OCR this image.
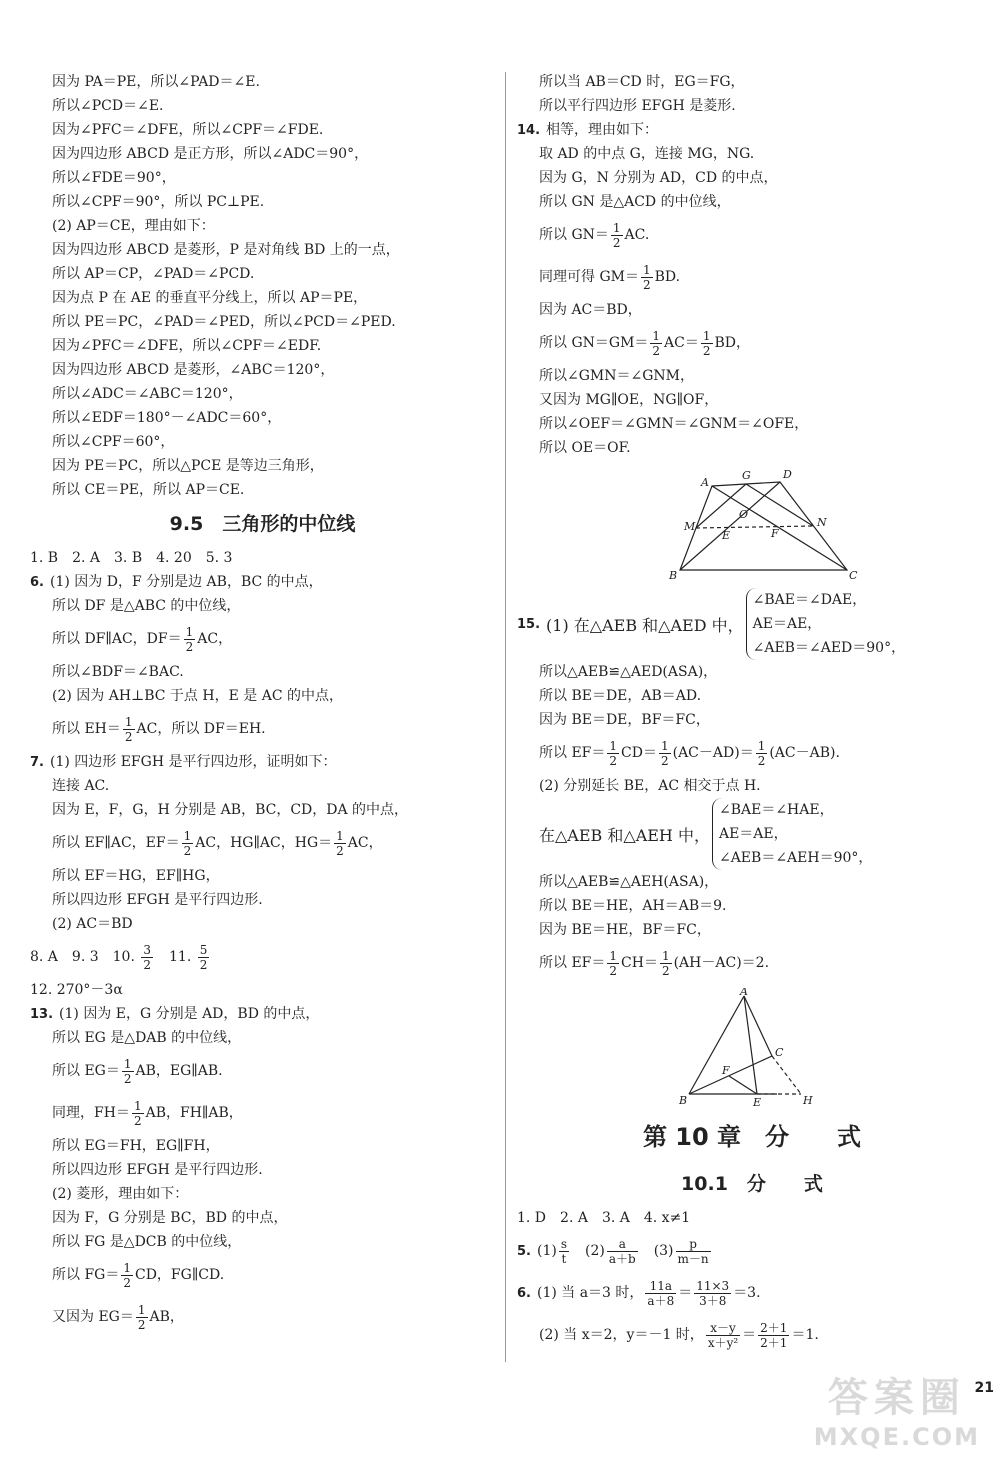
因为 PA＝PE，所以∠PAD＝∠E.
所以∠PCD＝∠E.
因为∠PFC＝∠DFE，所以∠CPF＝∠FDE.
因为四边形 ABCD 是正方形，所以∠ADC＝90°，
所以∠FDE＝90°，
所以∠CPF＝90°，所以 PC⊥PE.
(2) AP＝CE，理由如下：
因为四边形 ABCD 是菱形，P 是对角线 BD 上的一点，
所以 AP＝CP，∠PAD＝∠PCD.
因为点 P 在 AE 的垂直平分线上，所以 AP＝PE，
所以 PE＝PC，∠PAD＝∠PED，所以∠PCD＝∠PED.
因为∠PFC＝∠DFE，所以∠CPF＝∠EDF.
因为四边形 ABCD 是菱形，∠ABC＝120°，
所以∠ADC＝∠ABC＝120°，
所以∠EDF＝180°－∠ADC＝60°，
所以∠CPF＝60°，
因为 PE＝PC，所以△PCE 是等边三角形，
所以 CE＝PE，所以 AP＝CE.
9.5　三角形的中位线
1. B　2. A　3. B　4. 20　5. 3
6. (1) 因为 D，F 分别是边 AB，BC 的中点，
所以 DF 是△ABC 的中位线，
所以 DF∥AC，$DF= \frac{1}{2}$ AC，
所以∠BDF＝∠BAC.
(2) 因为 AH⊥BC 于点 H，E 是 AC 的中点，
所以 $EH= \frac{1}{2}$ AC，所以 DF＝EH.
7. (1) 四边形 EFGH 是平行四边形，证明如下：
连接 AC.
因为 E，F，G，H 分别是 AB，BC，CD，DA 的中点，
所以 EF∥AC，$EF= \frac{1}{2}$ AC，HG∥AC，$HG= \frac{1}{2}$ AC，
所以 EF＝HG，EF∥HG，
所以四边形 EFGH 是平行四边形.
(2) AC＝BD
8. A　9. 3　10. $\frac{3}{2}$
　 11. $\frac{5}{2}$
12. 270°－3α
13. (1) 因为 E，G 分别是 AD，BD 的中点，
所以 EG 是△DAB 的中位线，
所以 $EG= \frac{1}{2}$ AB，EG∥AB.
同理，$FH= \frac{1}{2}$ AB，FH∥AB，
所以 EG＝FH，EG∥FH，
所以四边形 EFGH 是平行四边形.
(2) 菱形，理由如下：
因为 F，G 分别是 BC，BD 的中点，
所以 FG 是△DCB 的中位线，
所以 $FG= \frac{1}{2}$ CD，FG∥CD.
又因为 $EG= \frac{1}{2}$ AB，
所以当 AB＝CD 时，EG＝FG，
所以平行四边形 EFGH 是菱形.
14. 相等，理由如下：
取 AD 的中点 G，连接 MG，NG.
因为 G，N 分别为 AD，CD 的中点，
所以 GN 是△ACD 的中位线，
所以 $GN= \frac{1}{2}$ AC.
同理可得 $GM= \frac{1}{2}$ BD.
因为 AC＝BD，
所以 $GN=GM= \frac{1}{2} AC= \frac{1}{2}$ BD，
所以∠GMN＝∠GNM，
又因为 MG∥OE，NG∥OF，
所以∠OEF＝∠GMN＝∠GNM＝∠OFE，
所以 OE＝OF.
A
G	D
M	N
O
E	F
B	C
15. (1) 在△AEB 和△AED 中，
∠BAE＝∠DAE，
AE＝AE，
∠AEB＝∠AED＝90°，
所以△AEB≌△AED(ASA)，
所以 BE＝DE，AB＝AD.
因为 BE＝DE，BF＝FC，
所以 $EF= \frac{1}{2} CD= \frac{1}{2} (AC-AD)= \frac{1}{2} (AC-AB)$.
(2) 分别延长 BE，AC 相交于点 H.
在△AEB 和△AEH 中，
∠BAE＝∠HAE，
AE＝AE，
∠AEB＝∠AEH＝90°，
所以△AEB≌△AEH(ASA)，
所以 BE＝HE，AH＝AB＝9.
因为 BE＝HE，BF＝FC，
所以 $EF= \frac{1}{2} CH= \frac{1}{2} (AH-AC)=2$.
A
B
C
E
F
H
第 10 章　分　　式
10.1　分　　式
1. D　2. A　3. A　4. x≠1
5. $(1) \frac{s}{t}$
　 $(2) \frac{a}{a+b}$
　 $(3) \frac{p}{m-n}$
6. (1) 当 a＝3 时， $\frac{11a}{a+8} = \frac{11\times 3}{3+8} =3$.
(2) 当 x＝2，y＝－1 时， $\frac{x-y}{\text{x＋y²}} = \frac{2+1}{2+1} =1$.
21
答案圈
MXQE.COM
